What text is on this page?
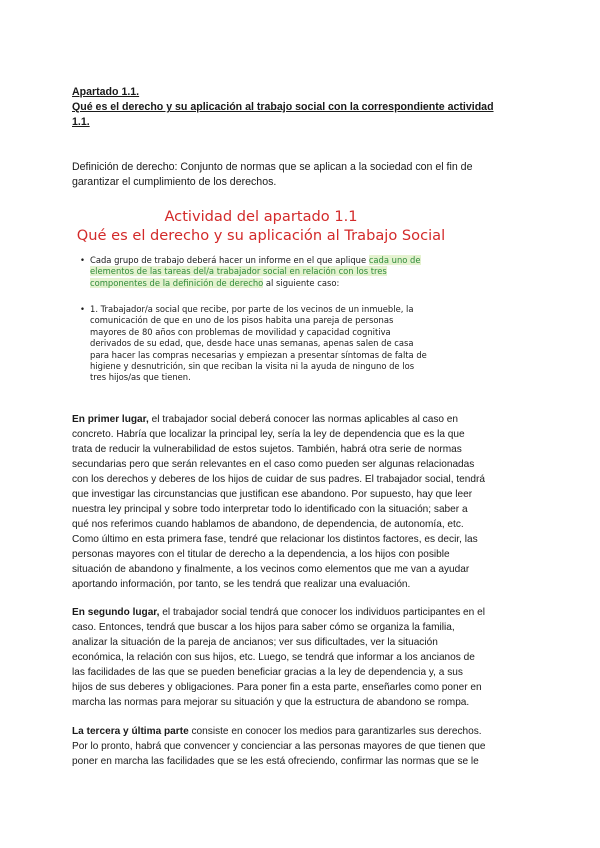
Apartado 1.1.
Qué es el derecho y su aplicación al trabajo social con la correspondiente actividad
1.1.
Definición de derecho: Conjunto de normas que se aplican a la sociedad con el fin de
garantizar el cumplimiento de los derechos.
Actividad del apartado 1.1
Qué es el derecho y su aplicación al Trabajo Social
• Cada grupo de trabajo deberá hacer un informe en el que aplique cada uno de elementos de las tareas del/a trabajador social en relación con los tres componentes de la definición de derecho al siguiente caso:
• 1. Trabajador/a social que recibe, por parte de los vecinos de un inmueble, la comunicación de que en uno de los pisos habita una pareja de personas mayores de 80 años con problemas de movilidad y capacidad cognitiva derivados de su edad, que, desde hace unas semanas, apenas salen de casa para hacer las compras necesarias y empiezan a presentar síntomas de falta de higiene y desnutrición, sin que reciban la visita ni la ayuda de ninguno de los tres hijos/as que tienen.
En primer lugar, el trabajador social deberá conocer las normas aplicables al caso en
concreto. Habría que localizar la principal ley, sería la ley de dependencia que es la que
trata de reducir la vulnerabilidad de estos sujetos. También, habrá otra serie de normas
secundarias pero que serán relevantes en el caso como pueden ser algunas relacionadas
con los derechos y deberes de los hijos de cuidar de sus padres. El trabajador social, tendrá
que investigar las circunstancias que justifican ese abandono. Por supuesto, hay que leer
nuestra ley principal y sobre todo interpretar todo lo identificado con la situación; saber a
qué nos referimos cuando hablamos de abandono, de dependencia, de autonomía, etc.
Como último en esta primera fase, tendré que relacionar los distintos factores, es decir, las
personas mayores con el titular de derecho a la dependencia, a los hijos con posible
situación de abandono y finalmente, a los vecinos como elementos que me van a ayudar
aportando información, por tanto, se les tendrá que realizar una evaluación.
En segundo lugar, el trabajador social tendrá que conocer los individuos participantes en el
caso. Entonces, tendrá que buscar a los hijos para saber cómo se organiza la familia,
analizar la situación de la pareja de ancianos; ver sus dificultades, ver la situación
económica, la relación con sus hijos, etc. Luego, se tendrá que informar a los ancianos de
las facilidades de las que se pueden beneficiar gracias a la ley de dependencia y, a sus
hijos de sus deberes y obligaciones. Para poner fin a esta parte, enseñarles como poner en
marcha las normas para mejorar su situación y que la estructura de abandono se rompa.
La tercera y última parte consiste en conocer los medios para garantizarles sus derechos.
Por lo pronto, habrá que convencer y concienciar a las personas mayores de que tienen que
poner en marcha las facilidades que se les está ofreciendo, confirmar las normas que se le
